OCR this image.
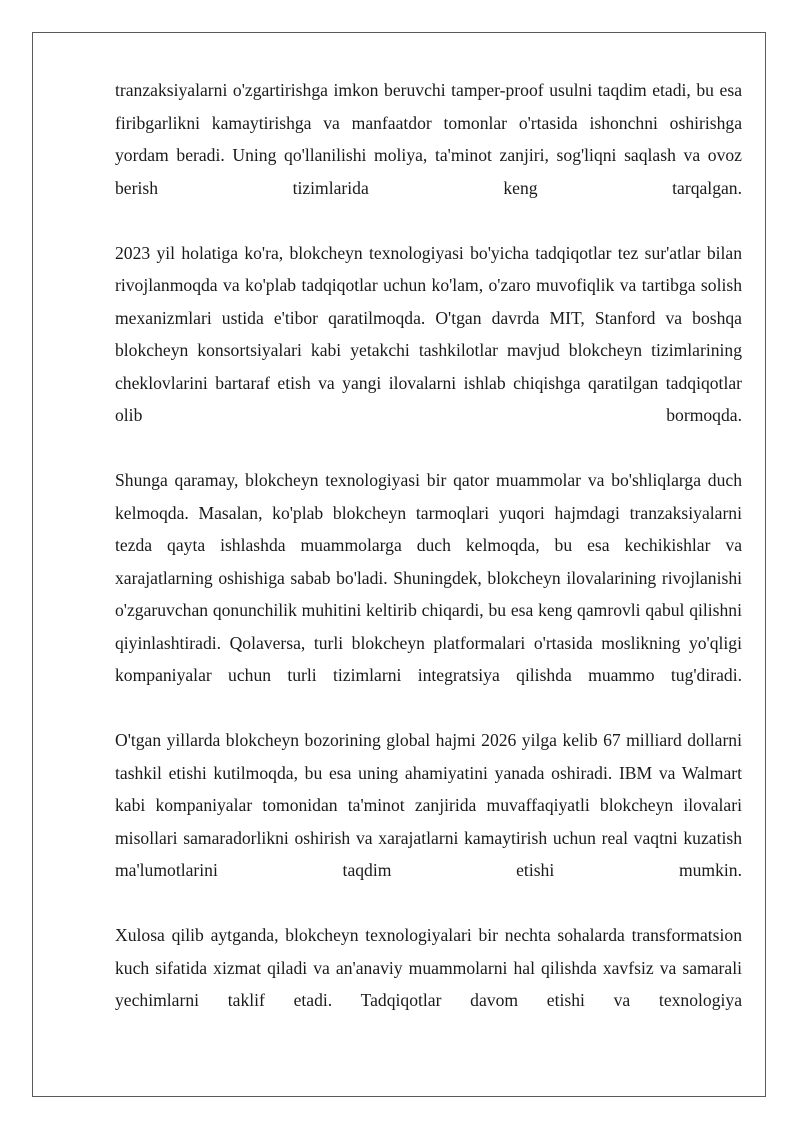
tranzaksiyalarni o'zgartirishga imkon beruvchi tamper-proof usulni taqdim etadi, bu esa firibgarlikni kamaytirishga va manfaatdor tomonlar o'rtasida ishonchni oshirishga yordam beradi. Uning qo'llanilishi moliya, ta'minot zanjiri, sog'liqni saqlash va ovoz berish tizimlarida keng tarqalgan.

2023 yil holatiga ko'ra, blokcheyn texnologiyasi bo'yicha tadqiqotlar tez sur'atlar bilan rivojlanmoqda va ko'plab tadqiqotlar uchun ko'lam, o'zaro muvofiqlik va tartibga solish mexanizmlari ustida e'tibor qaratilmoqda. O'tgan davrda MIT, Stanford va boshqa blokcheyn konsortsiyalari kabi yetakchi tashkilotlar mavjud blokcheyn tizimlarining cheklovlarini bartaraf etish va yangi ilovalarni ishlab chiqishga qaratilgan tadqiqotlar olib bormoqda.

Shunga qaramay, blokcheyn texnologiyasi bir qator muammolar va bo'shliqlarga duch kelmoqda. Masalan, ko'plab blokcheyn tarmoqlari yuqori hajmdagi tranzaksiyalarni tezda qayta ishlashda muammolarga duch kelmoqda, bu esa kechikishlar va xarajatlarning oshishiga sabab bo'ladi. Shuningdek, blokcheyn ilovalarining rivojlanishi o'zgaruvchan qonunchilik muhitini keltirib chiqardi, bu esa keng qamrovli qabul qilishni qiyinlashtiradi. Qolaversa, turli blokcheyn platformalari o'rtasida moslikning yo'qligi kompaniyalar uchun turli tizimlarni integratsiya qilishda muammo tug'diradi.

O'tgan yillarda blokcheyn bozorining global hajmi 2026 yilga kelib 67 milliard dollarni tashkil etishi kutilmoqda, bu esa uning ahamiyatini yanada oshiradi. IBM va Walmart kabi kompaniyalar tomonidan ta'minot zanjirida muvaffaqiyatli blokcheyn ilovalari misollari samaradorlikni oshirish va xarajatlarni kamaytirish uchun real vaqtni kuzatish ma'lumotlarini taqdim etishi mumkin.

Xulosa qilib aytganda, blokcheyn texnologiyalari bir nechta sohalarda transformatsion kuch sifatida xizmat qiladi va an'anaviy muammolarni hal qilishda xavfsiz va samarali yechimlarni taklif etadi. Tadqiqotlar davom etishi va texnologiya
